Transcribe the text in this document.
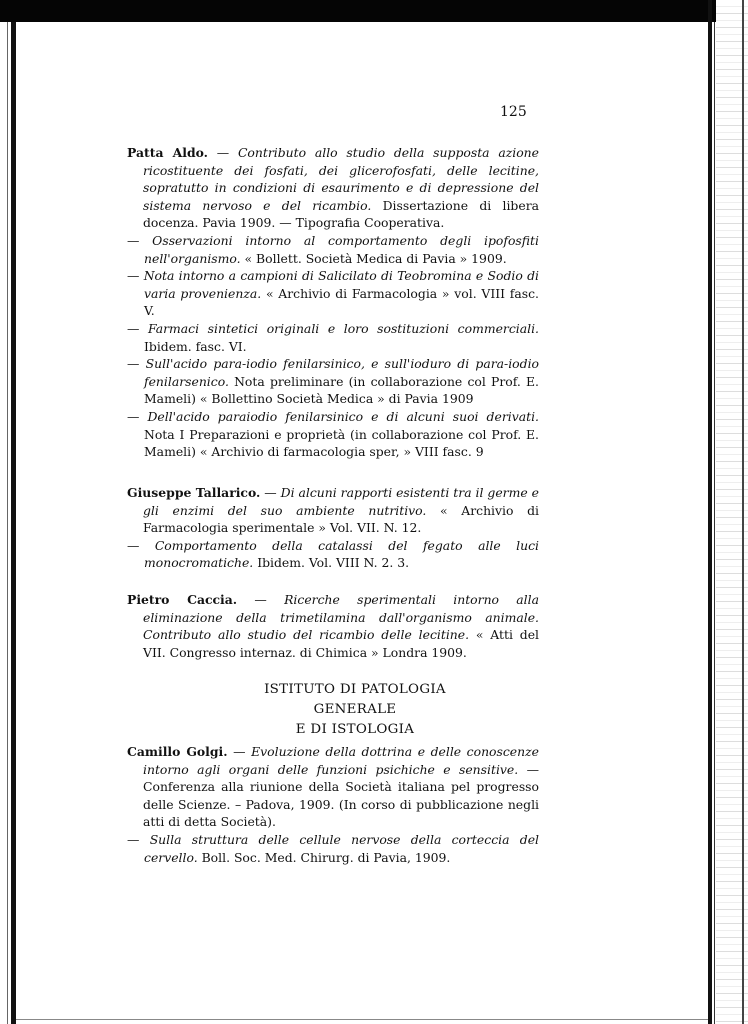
125

Patta Aldo. — Contributo allo studio della supposta azione ricostituente dei fosfati, dei glicerofosfati, delle lecitine, sopratutto in condizioni di esaurimento e di depressione del sistema nervoso e del ricambio. Dissertazione di libera docenza. Pavia 1909. — Tipografia Cooperativa.

— Osservazioni intorno al comportamento degli ipofosfiti nell'organismo. « Bollett. Società Medica di Pavia » 1909.

— Nota intorno a campioni di Salicilato di Teobromina e Sodio di varia provenienza. « Archivio di Farmacologia » vol. VIII fasc. V.

— Farmaci sintetici originali e loro sostituzioni commerciali. Ibidem. fasc. VI.

— Sull'acido para-iodio fenilarsinico, e sull'ioduro di para-iodio fenilarsenico. Nota preliminare (in collaborazione col Prof. E. Mameli) « Bollettino Società Medica » di Pavia 1909

— Dell'acido paraiodio fenilarsinico e di alcuni suoi derivati. Nota I Preparazioni e proprietà (in collaborazione col Prof. E. Mameli) « Archivio di farmacologia sper, » VIII fasc. 9

Giuseppe Tallarico. — Di alcuni rapporti esistenti tra il germe e gli enzimi del suo ambiente nutritivo. « Archivio di Farmacologia sperimentale » Vol. VII. N. 12.

— Comportamento della catalassi del fegato alle luci monocromatiche. Ibidem. Vol. VIII N. 2. 3.

Pietro Caccia. — Ricerche sperimentali intorno alla eliminazione della trimetilamina dall'organismo animale. Contributo allo studio del ricambio delle lecitine. « Atti del VII. Congresso internaz. di Chimica » Londra 1909.

ISTITUTO DI PATOLOGIA GENERALE
E DI ISTOLOGIA

Camillo Golgi. — Evoluzione della dottrina e delle conoscenze intorno agli organi delle funzioni psichiche e sensitive. — Conferenza alla riunione della Società italiana pel progresso delle Scienze. – Padova, 1909. (In corso di pubblicazione negli atti di detta Società).

— Sulla struttura delle cellule nervose della corteccia del cervello. Boll. Soc. Med. Chirurg. di Pavia, 1909.
